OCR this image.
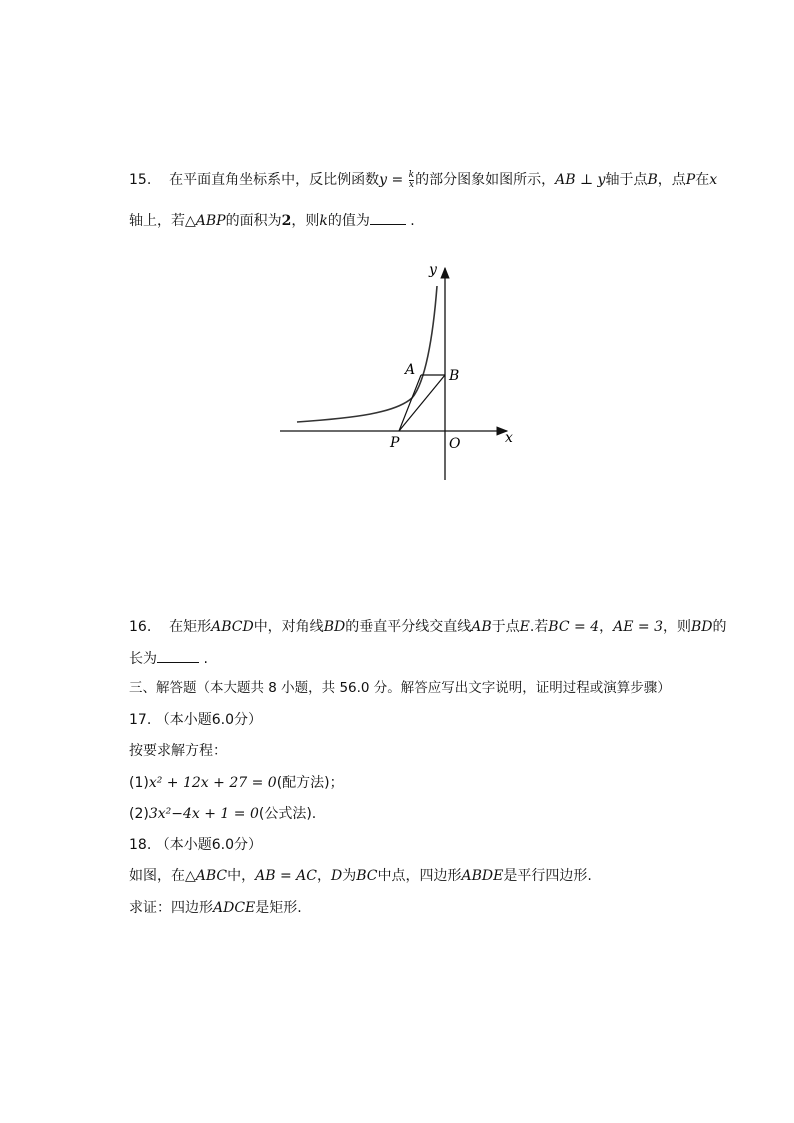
15. 在平面直角坐标系中，反比例函数$y = \frac{k}{x}$ 的部分图象如图所示，AB ⊥ y轴于点B，点P在x
轴上，若△ABP的面积为2，则k的值为	.
y
x
A B
P	O
16. 在矩形ABCD中，对角线BD的垂直平分线交直线AB于点E.若BC = 4，AE = 3，则BD的
长为	.
三、解答题（本大题共 8 小题，共 56.0 分。解答应写出文字说明，证明过程或演算步骤）
17. （本小题6.0分）
按要求解方程：
(1)x² + 12x + 27 = 0(配方法)；
(2)3x²−4x + 1 = 0(公式法).
18. （本小题6.0分）
如图，在△ABC中，AB = AC，D为BC中点，四边形ABDE是平行四边形.
求证：四边形ADCE是矩形.
